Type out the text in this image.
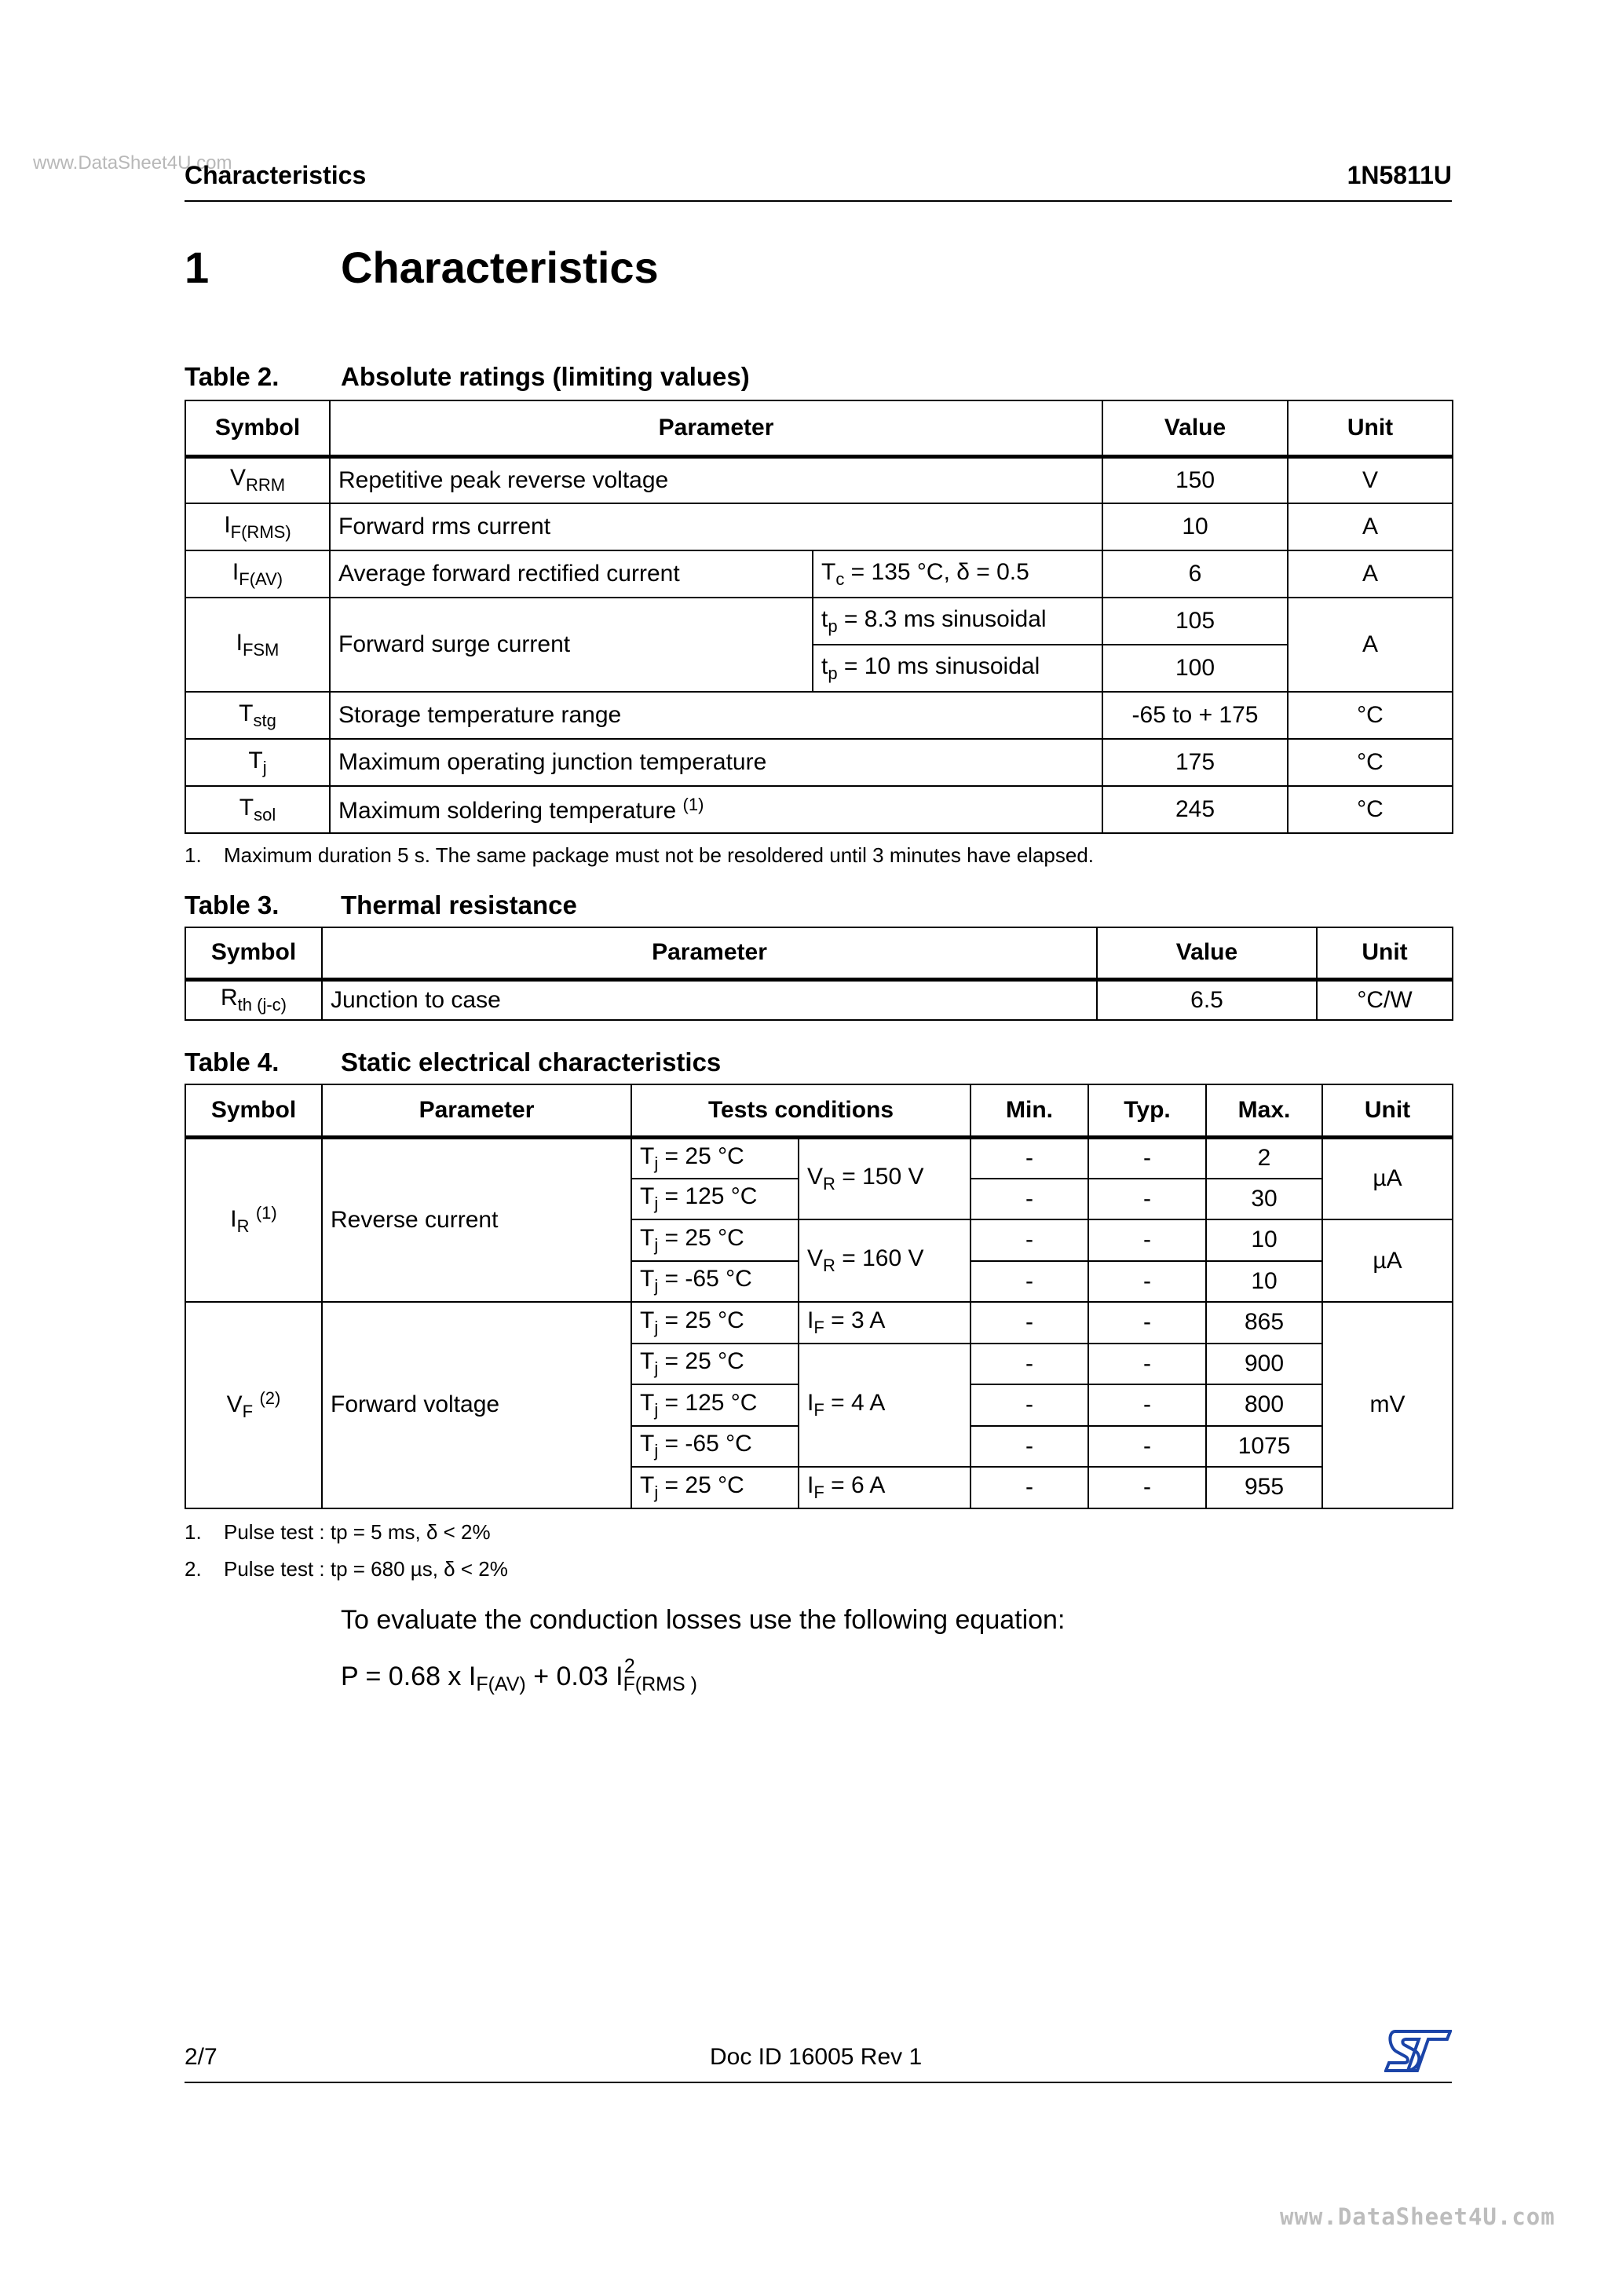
www.DataSheet4U.com
Characteristics	1N5811U
1	Characteristics
Table 2. Absolute ratings (limiting values)
Symbol	Parameter		Value	Unit
$V_{RRM}$	Repetitive peak reverse voltage		150	V
$I_{F(RMS)}$	Forward rms current		10	A
$I_{F(AV)}$	Average forward rectified current	$T_c = 135$ °C, δ = 0.5	6	A
$I_{FSM}$	Forward surge current	$t_p = 8.3$ ms sinusoidal	105	A
		$t_p = 10$ ms sinusoidal	100	
$T_{stg}$	Storage temperature range		-65 to + 175	°C
$T_j$	Maximum operating junction temperature		175	°C
$T_{sol}$	Maximum soldering temperature $^{(1)}$		245	°C
1. Maximum duration 5 s. The same package must not be resoldered until 3 minutes have elapsed.
Table 3. Thermal resistance
Symbol	Parameter	Value	Unit
$R_{th (j-c)}$	Junction to case	6.5	°C/W
Table 4. Static electrical characteristics
Symbol	Parameter	Tests conditions		Min.	Typ.	Max.	Unit
$I_R$ $^{(1)}$	Reverse current	$T_j = 25$ °C	$V_R = 150$ V	-	-	2	µA
		$T_j = 125$ °C		-	-	30	
		$T_j = 25$ °C	$V_R = 160$ V	-	-	10	µA
		$T_j = -65$ °C		-	-	10	
$V_F$ $^{(2)}$	Forward voltage	$T_j = 25$ °C	$I_F = 3$ A	-	-	865	mV
		$T_j = 25$ °C	$I_F = 4$ A	-	-	900	
		$T_j = 125$ °C		-	-	800	
		$T_j = -65$ °C		-	-	1075	
		$T_j = 25$ °C	$I_F = 6$ A	-	-	955	
1. Pulse test : tp = 5 ms, δ < 2%
2. Pulse test : tp = 680 µs, δ < 2%
To evaluate the conduction losses use the following equation:
P = 0.68 x $I_{F(AV)} + 0.03$ $I_F^2_{(RMS )}$
2/7	Doc ID 16005 Rev 1
www.DataSheet4U.com
